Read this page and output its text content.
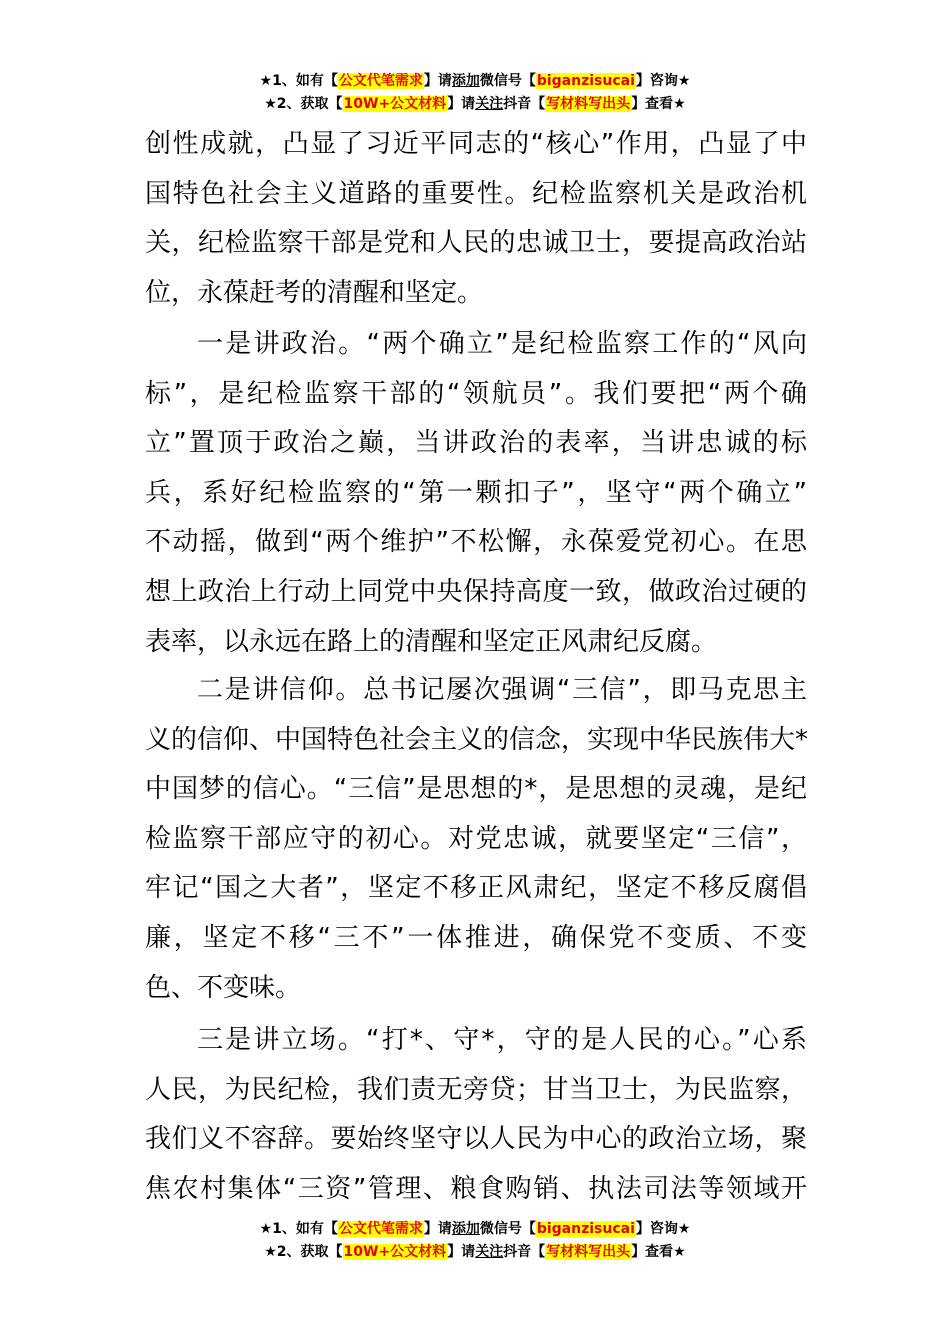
★1、如有【公文代笔需求】请添加微信号【biganzisucai】咨询★
★2、获取【10W+公文材料】请关注抖音【写材料写出头】查看★
创性成就，凸显了习近平同志的“核心”作用，凸显了中
国特色社会主义道路的重要性。纪检监察机关是政治机
关，纪检监察干部是党和人民的忠诚卫士，要提高政治站
位，永葆赶考的清醒和坚定。
一是讲政治。“两个确立”是纪检监察工作的“风向
标”，是纪检监察干部的“领航员”。我们要把“两个确
立”置顶于政治之巅，当讲政治的表率，当讲忠诚的标
兵，系好纪检监察的“第一颗扣子”，坚守“两个确立”
不动摇，做到“两个维护”不松懈，永葆爱党初心。在思
想上政治上行动上同党中央保持高度一致，做政治过硬的
表率，以永远在路上的清醒和坚定正风肃纪反腐。
二是讲信仰。总书记屡次强调“三信”，即马克思主
义的信仰、中国特色社会主义的信念，实现中华民族伟大*
中国梦的信心。“三信”是思想的*，是思想的灵魂，是纪
检监察干部应守的初心。对党忠诚，就要坚定“三信”，
牢记“国之大者”，坚定不移正风肃纪，坚定不移反腐倡
廉，坚定不移“三不”一体推进，确保党不变质、不变
色、不变味。
三是讲立场。“打*、守*，守的是人民的心。”心系
人民，为民纪检，我们责无旁贷；甘当卫士，为民监察，
我们义不容辞。要始终坚守以人民为中心的政治立场，聚
焦农村集体“三资”管理、粮食购销、执法司法等领域开
★1、如有【公文代笔需求】请添加微信号【biganzisucai】咨询★
★2、获取【10W+公文材料】请关注抖音【写材料写出头】查看★
